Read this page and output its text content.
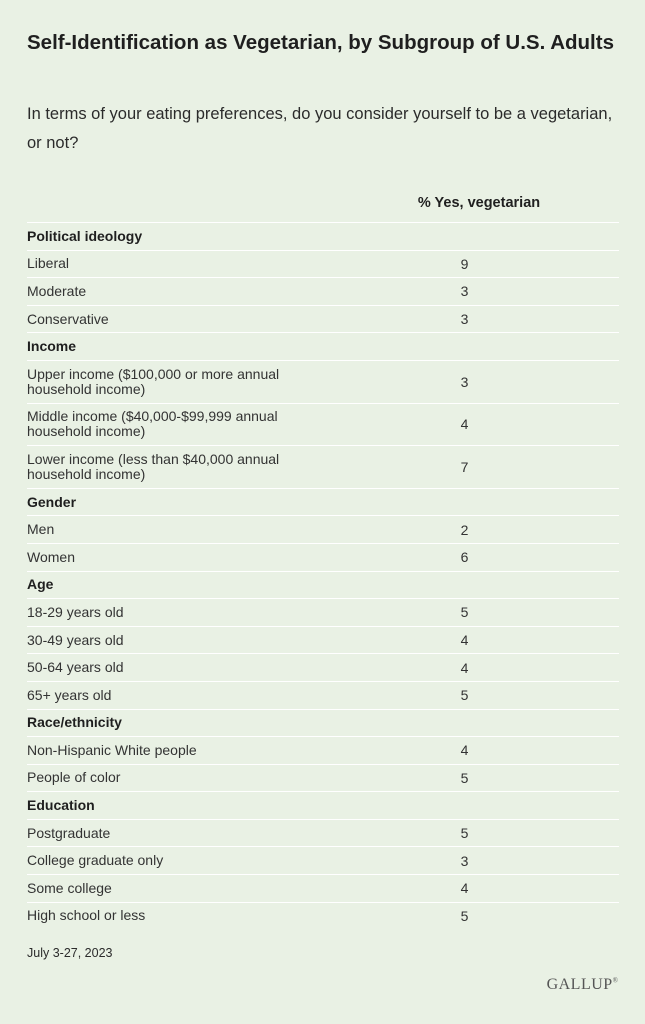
Self-Identification as Vegetarian, by Subgroup of U.S. Adults
In terms of your eating preferences, do you consider yourself to be a vegetarian, or not?
% Yes, vegetarian
Political ideology
Liberal	9
Moderate	3
Conservative	3
Income
Upper income ($100,000 or more annual household income)	3
Middle income ($40,000-$99,999 annual household income)	4
Lower income (less than $40,000 annual household income)	7
Gender
Men	2
Women	6
Age
18-29 years old	5
30-49 years old	4
50-64 years old	4
65+ years old	5
Race/ethnicity
Non-Hispanic White people	4
People of color	5
Education
Postgraduate	5
College graduate only	3
Some college	4
High school or less	5
July 3-27, 2023
GALLUP®
